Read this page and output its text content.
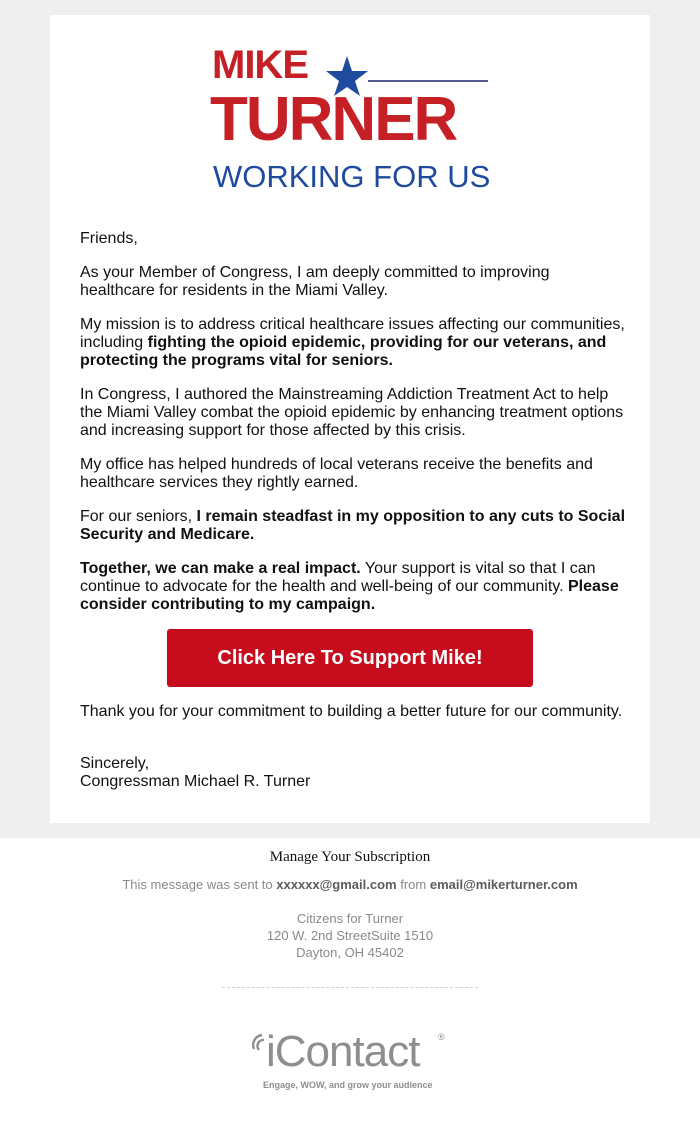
MIKE
TURNER
WORKING FOR US

Friends,

As your Member of Congress, I am deeply committed to improving healthcare for residents in the Miami Valley.

My mission is to address critical healthcare issues affecting our communities, including fighting the opioid epidemic, providing for our veterans, and protecting the programs vital for seniors.

In Congress, I authored the Mainstreaming Addiction Treatment Act to help the Miami Valley combat the opioid epidemic by enhancing treatment options and increasing support for those affected by this crisis.

My office has helped hundreds of local veterans receive the benefits and healthcare services they rightly earned.

For our seniors, I remain steadfast in my opposition to any cuts to Social Security and Medicare.

Together, we can make a real impact. Your support is vital so that I can continue to advocate for the health and well-being of our community. Please consider contributing to my campaign.

Click Here To Support Mike!

Thank you for your commitment to building a better future for our community.

Sincerely,
Congressman Michael R. Turner
Manage Your Subscription
This message was sent to xxxxxx@gmail.com from email@mikerturner.com
Citizens for Turner
120 W. 2nd StreetSuite 1510
Dayton, OH 45402
iContact ®
Engage, WOW, and grow your audience
